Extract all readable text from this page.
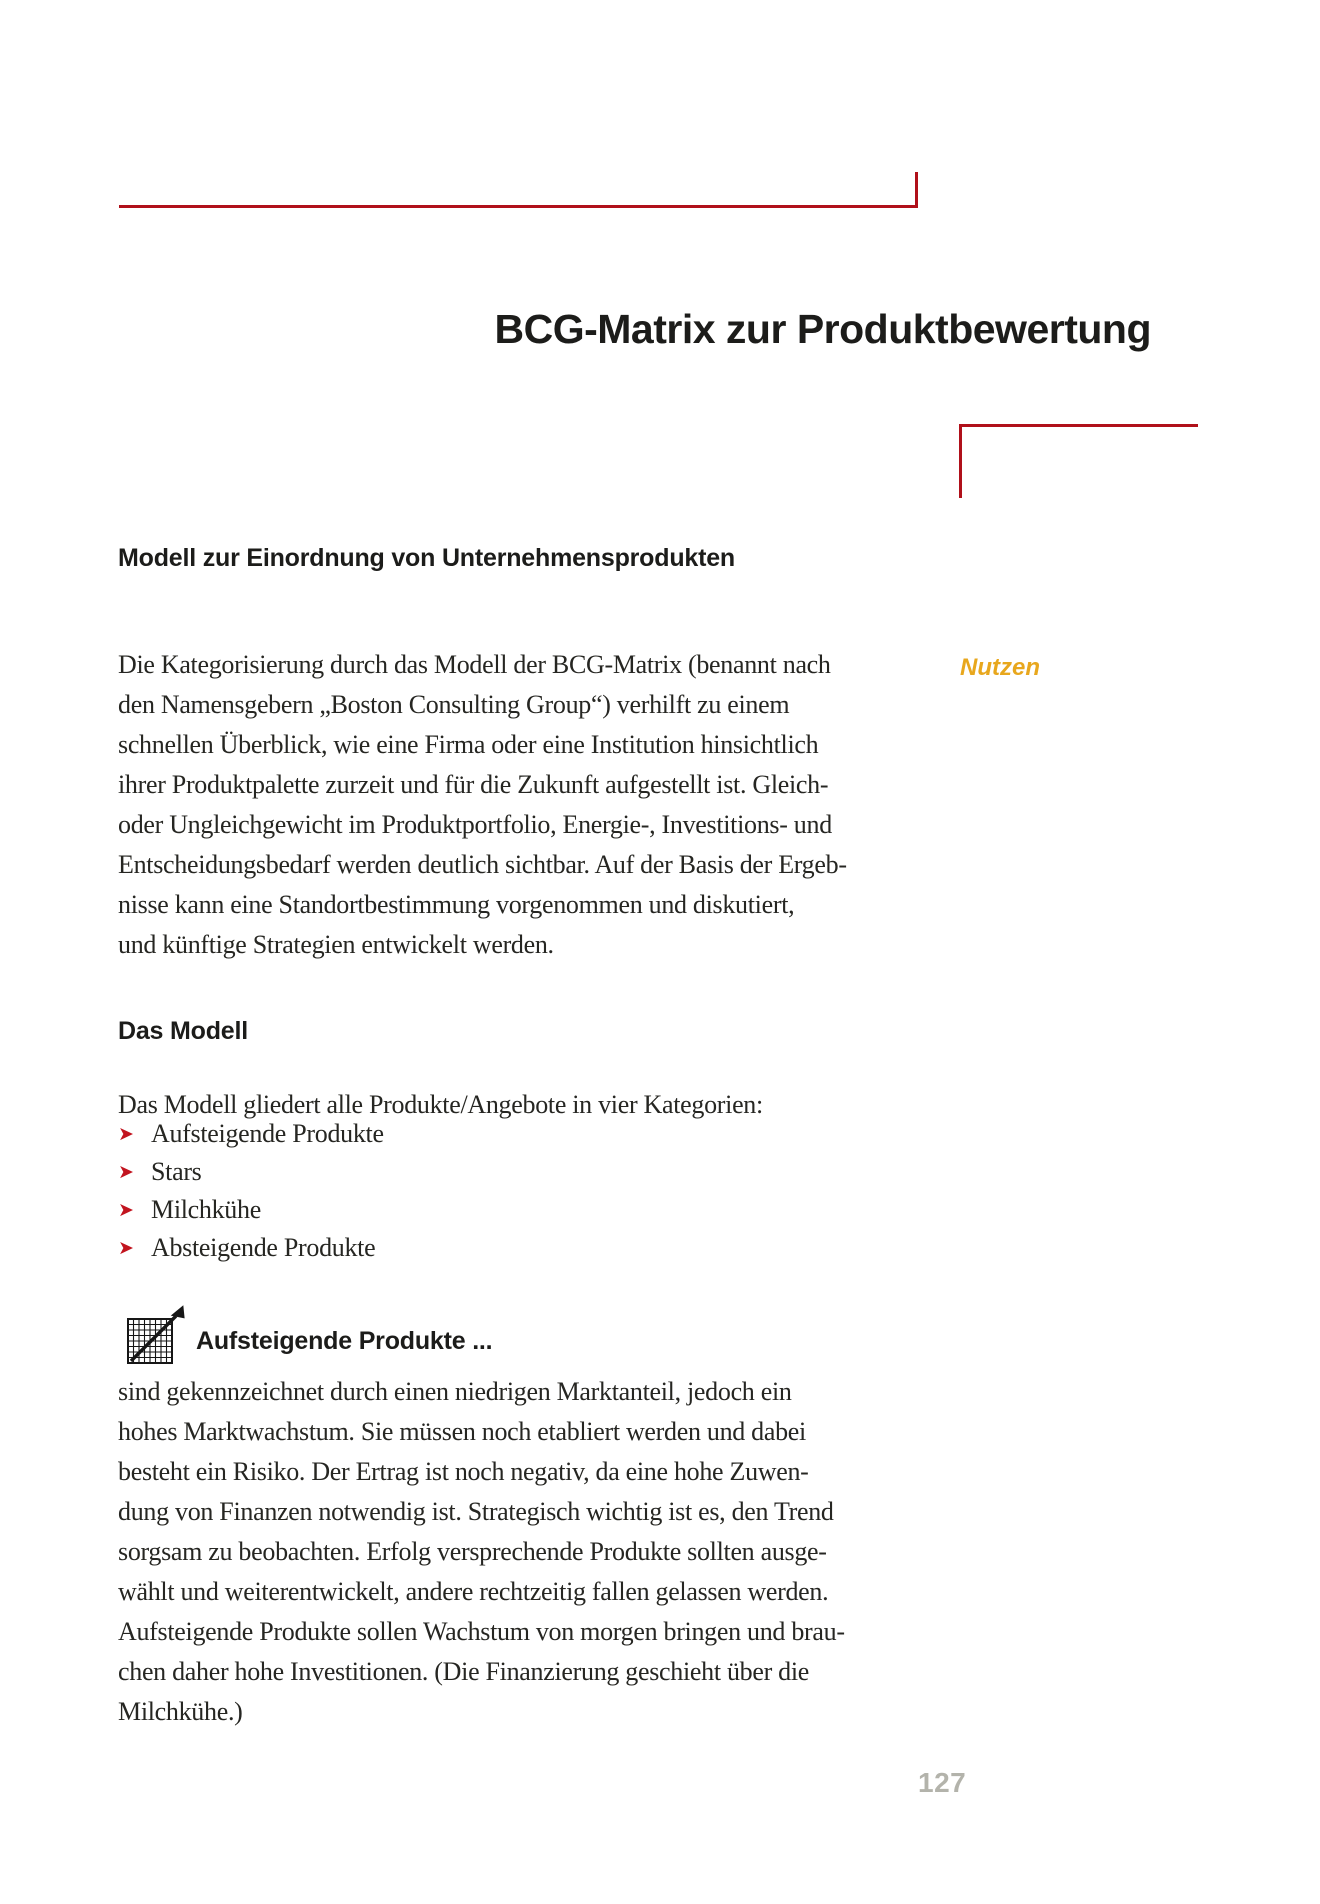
BCG-Matrix zur Produktbewertung
Modell zur Einordnung von Unternehmensprodukten
Nutzen
Die Kategorisierung durch das Modell der BCG-Matrix (benannt nach
den Namensgebern „Boston Consulting Group“) verhilft zu einem
schnellen Überblick, wie eine Firma oder eine Institution hinsichtlich
ihrer Produktpalette zurzeit und für die Zukunft aufgestellt ist. Gleich-
oder Ungleichgewicht im Produktportfolio, Energie-, Investitions- und
Entscheidungsbedarf werden deutlich sichtbar. Auf der Basis der Ergeb-
nisse kann eine Standortbestimmung vorgenommen und diskutiert,
und künftige Strategien entwickelt werden.
Das Modell
Das Modell gliedert alle Produkte/Angebote in vier Kategorien:
➤ Aufsteigende Produkte
➤ Stars
➤ Milchkühe
➤ Absteigende Produkte
Aufsteigende Produkte ...
sind gekennzeichnet durch einen niedrigen Marktanteil, jedoch ein
hohes Marktwachstum. Sie müssen noch etabliert werden und dabei
besteht ein Risiko. Der Ertrag ist noch negativ, da eine hohe Zuwen-
dung von Finanzen notwendig ist. Strategisch wichtig ist es, den Trend
sorgsam zu beobachten. Erfolg versprechende Produkte sollten ausge-
wählt und weiterentwickelt, andere rechtzeitig fallen gelassen werden.
Aufsteigende Produkte sollen Wachstum von morgen bringen und brau-
chen daher hohe Investitionen. (Die Finanzierung geschieht über die
Milchkühe.)
127
